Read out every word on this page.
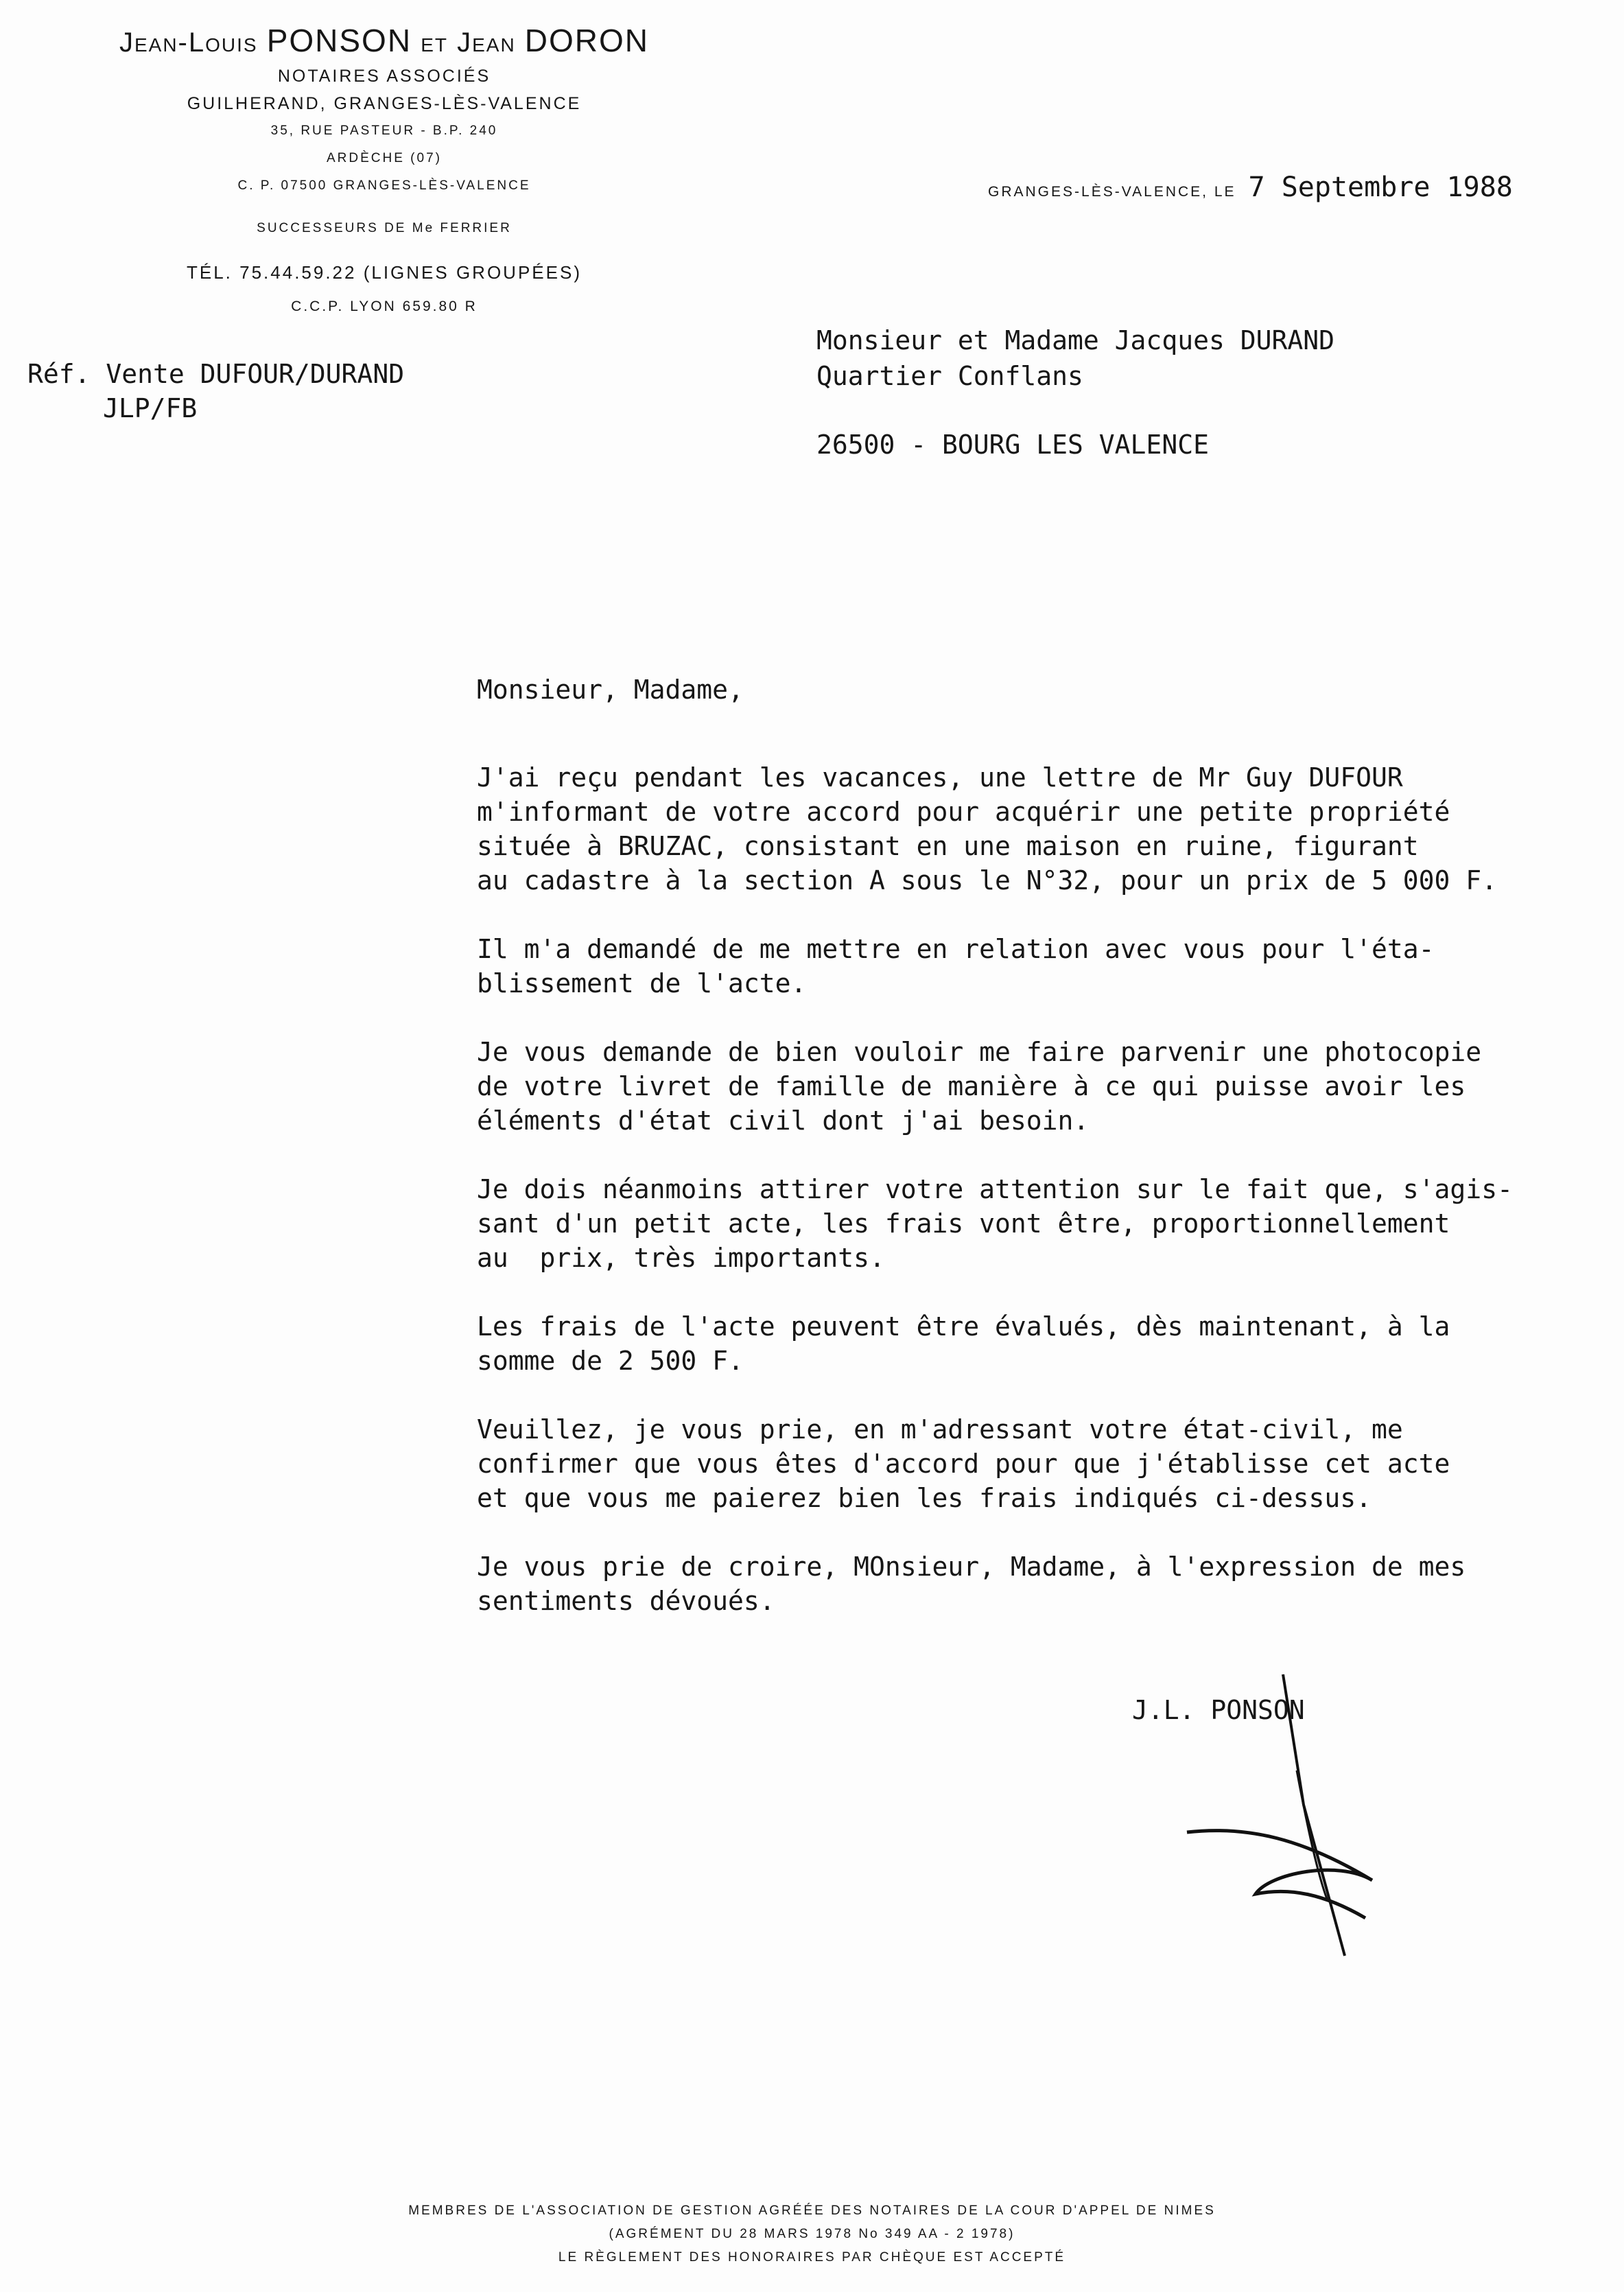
Jean-Louis PONSON et Jean DORON

NOTAIRES ASSOCIÉS

GUILHERAND, GRANGES-LÈS-VALENCE

35, RUE PASTEUR - B.P. 240

ARDÈCHE (07)

C. P. 07500 GRANGES-LÈS-VALENCE

SUCCESSEURS DE Me FERRIER

TÉL. 75.44.59.22 (LIGNES GROUPÉES)

C.C.P. LYON 659.80 R

GRANGES-LÈS-VALENCE, LE 7 Septembre 1988

Monsieur et Madame Jacques DURAND

Quartier Conflans

26500 - BOURG LES VALENCE

Réf. Vente DUFOUR/DURAND

JLP/FB

Monsieur, Madame,

J'ai reçu pendant les vacances, une lettre de Mr Guy DUFOUR
m'informant de votre accord pour acquérir une petite propriété
située à BRUZAC, consistant en une maison en ruine, figurant
au cadastre à la section A sous le N°32, pour un prix de 5 000 F.

Il m'a demandé de me mettre en relation avec vous pour l'éta-
blissement de l'acte.

Je vous demande de bien vouloir me faire parvenir une photocopie
de votre livret de famille de manière à ce qui puisse avoir les
éléments d'état civil dont j'ai besoin.

Je dois néanmoins attirer votre attention sur le fait que, s'agis-
sant d'un petit acte, les frais vont être, proportionnellement
au  prix, très importants.

Les frais de l'acte peuvent être évalués, dès maintenant, à la
somme de 2 500 F.

Veuillez, je vous prie, en m'adressant votre état-civil, me
confirmer que vous êtes d'accord pour que j'établisse cet acte
et que vous me paierez bien les frais indiqués ci-dessus.

Je vous prie de croire, MOnsieur, Madame, à l'expression de mes
sentiments dévoués.

J.L. PONSON

MEMBRES DE L'ASSOCIATION DE GESTION AGRÉÉE DES NOTAIRES DE LA COUR D'APPEL DE NIMES

(AGRÉMENT DU 28 MARS 1978 No 349 AA - 2 1978)

LE RÈGLEMENT DES HONORAIRES PAR CHÈQUE EST ACCEPTÉ
